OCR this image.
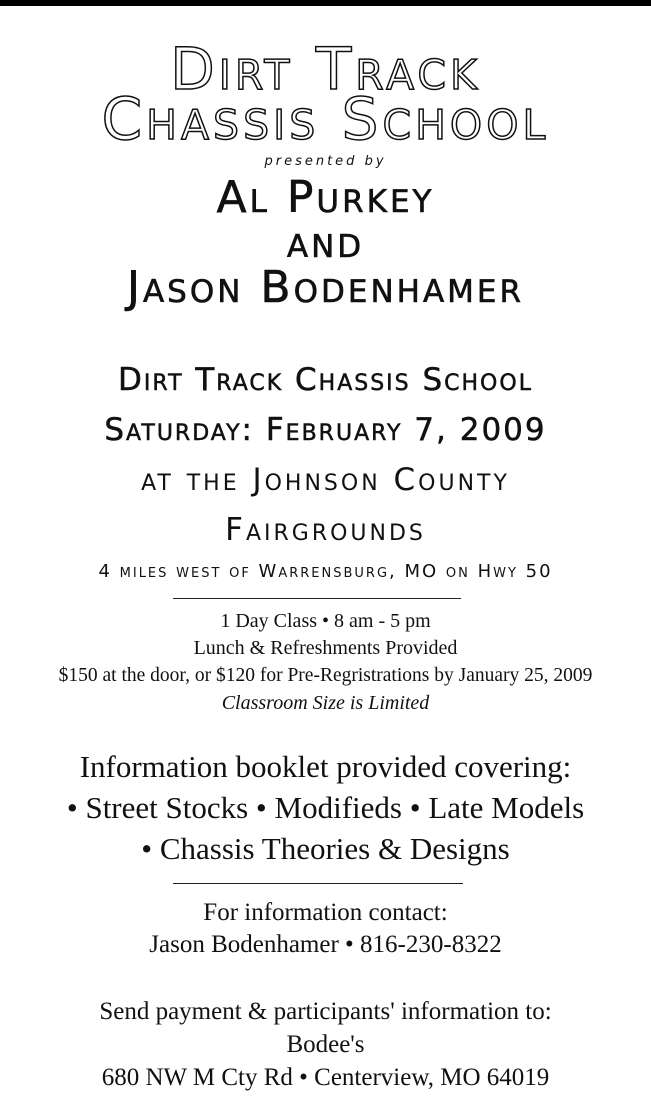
Dirt Track
Chassis School
presented by
Al Purkey
and
Jason Bodenhamer
Dirt Track Chassis School
Saturday: February 7, 2009
at the Johnson County
Fairgrounds
4 miles west of Warrensburg, MO on Hwy 50
1 Day Class • 8 am - 5 pm
Lunch & Refreshments Provided
$150 at the door, or $120 for Pre-Regristrations by January 25, 2009
Classroom Size is Limited
Information booklet provided covering:
• Street Stocks • Modifieds • Late Models
• Chassis Theories & Designs
For information contact:
Jason Bodenhamer • 816-230-8322
Send payment & participants' information to:
Bodee's
680 NW M Cty Rd • Centerview, MO 64019
